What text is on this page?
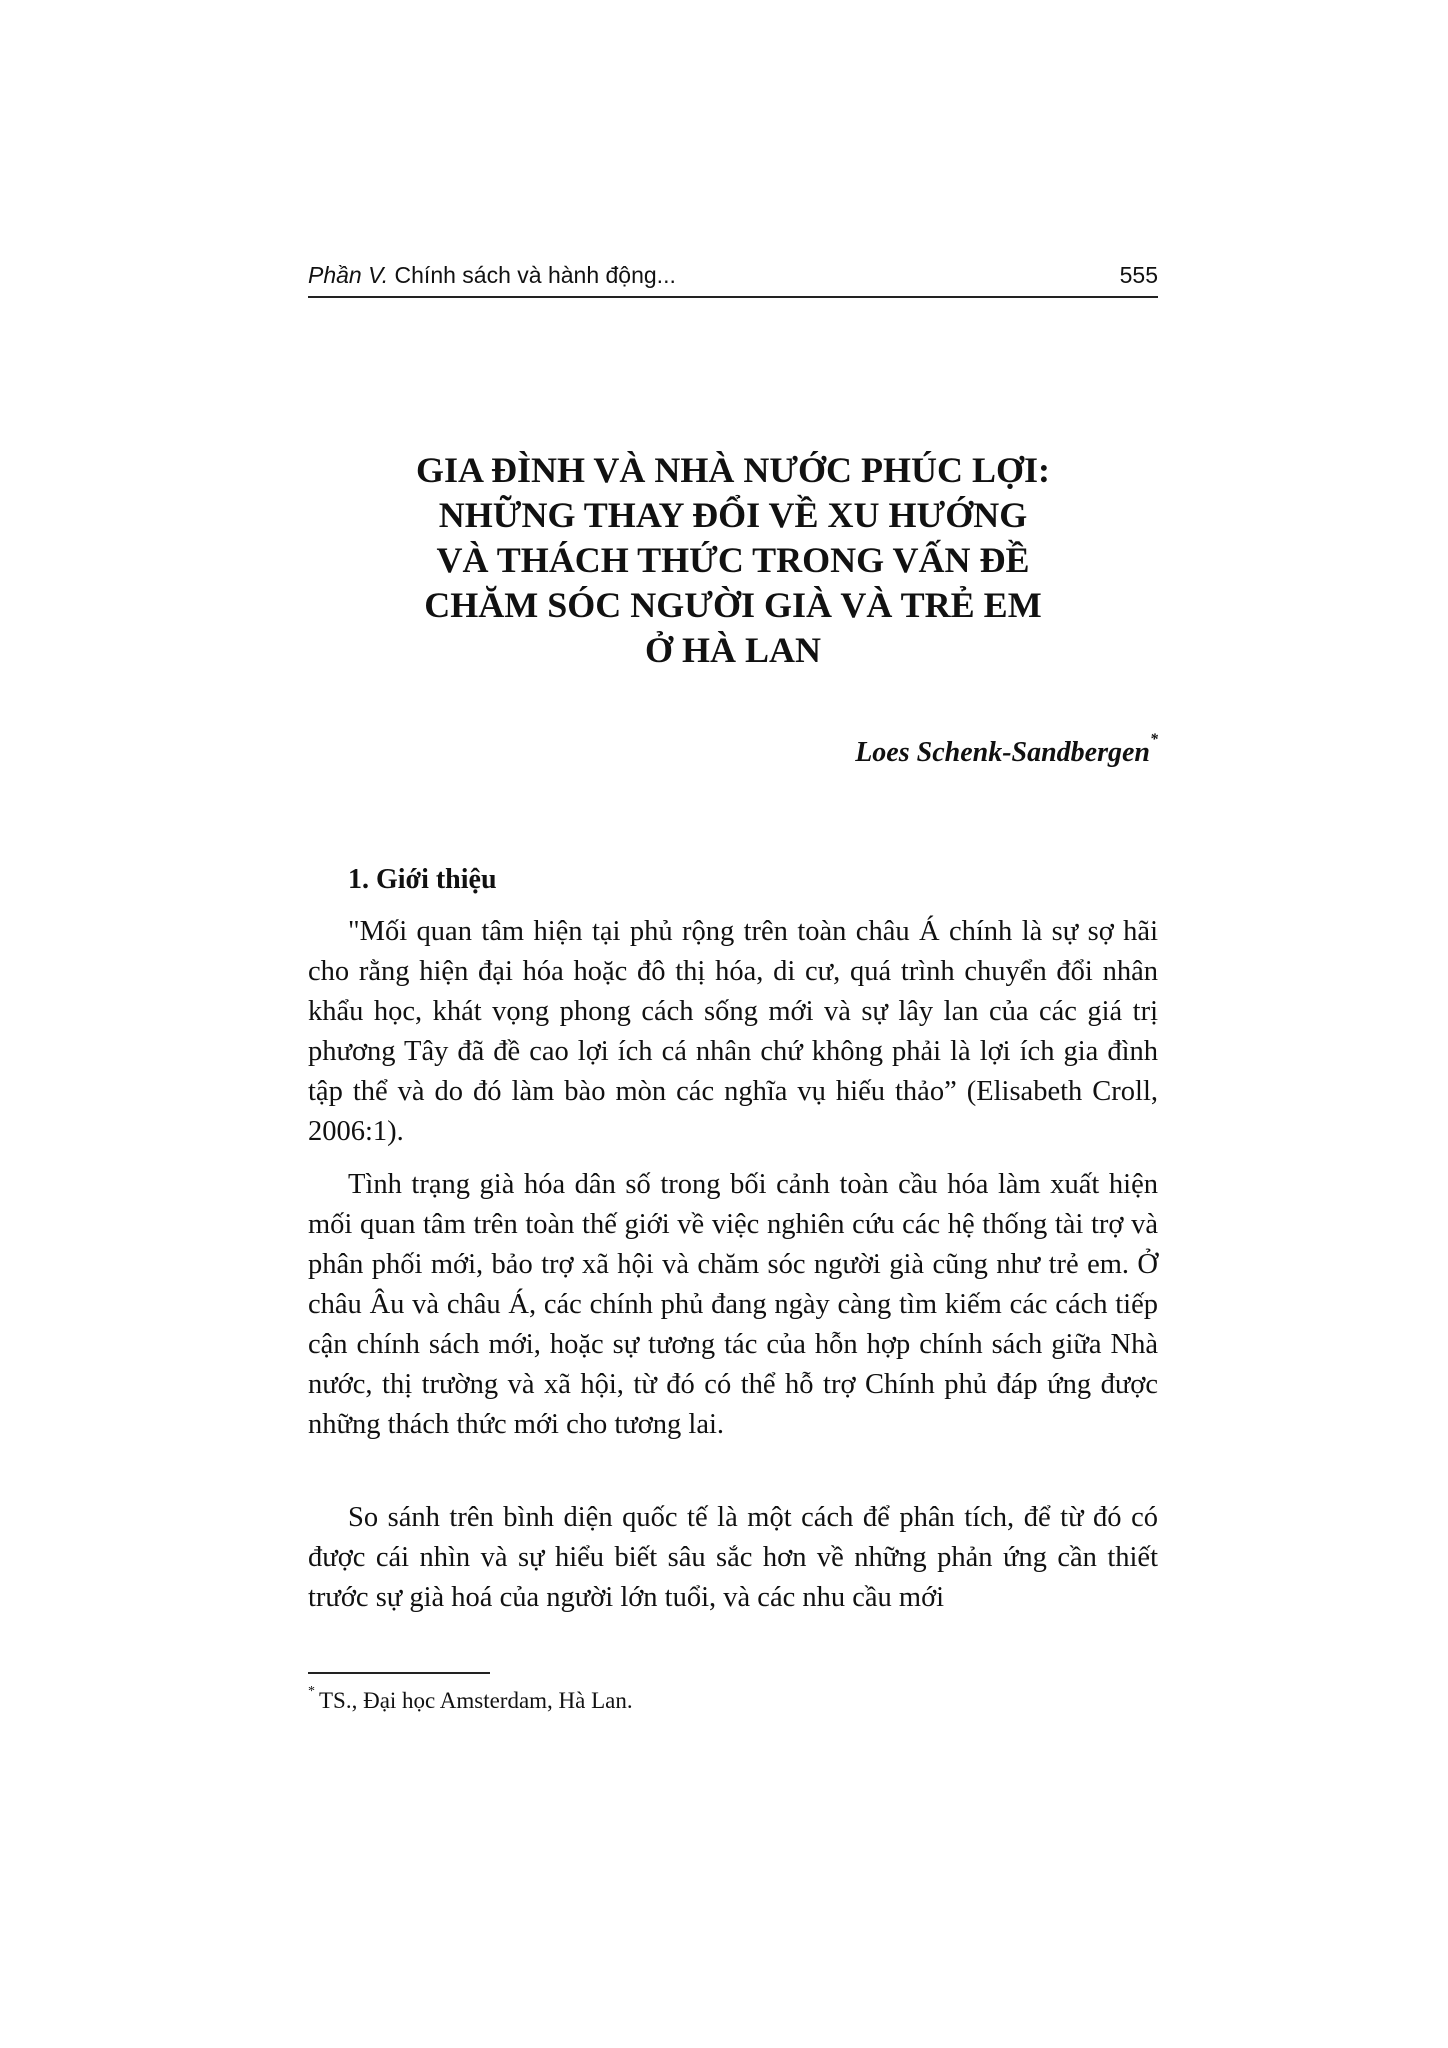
Phần V. Chính sách và hành động...	555
GIA ĐÌNH VÀ NHÀ NƯỚC PHÚC LỢI:
NHỮNG THAY ĐỔI VỀ XU HƯỚNG
VÀ THÁCH THỨC TRONG VẤN ĐỀ
CHĂM SÓC NGƯỜI GIÀ VÀ TRẺ EM
Ở HÀ LAN
Loes Schenk-Sandbergen*
1. Giới thiệu

"Mối quan tâm hiện tại phủ rộng trên toàn châu Á chính là sự sợ hãi cho rằng hiện đại hóa hoặc đô thị hóa, di cư, quá trình chuyển đổi nhân khẩu học, khát vọng phong cách sống mới và sự lây lan của các giá trị phương Tây đã đề cao lợi ích cá nhân chứ không phải là lợi ích gia đình tập thể và do đó làm bào mòn các nghĩa vụ hiếu thảo” (Elisabeth Croll, 2006:1).

Tình trạng già hóa dân số trong bối cảnh toàn cầu hóa làm xuất hiện mối quan tâm trên toàn thế giới về việc nghiên cứu các hệ thống tài trợ và phân phối mới, bảo trợ xã hội và chăm sóc người già cũng như trẻ em. Ở châu Âu và châu Á, các chính phủ đang ngày càng tìm kiếm các cách tiếp cận chính sách mới, hoặc sự tương tác của hỗn hợp chính sách giữa Nhà nước, thị trường và xã hội, từ đó có thể hỗ trợ Chính phủ đáp ứng được những thách thức mới cho tương lai.

So sánh trên bình diện quốc tế là một cách để phân tích, để từ đó có được cái nhìn và sự hiểu biết sâu sắc hơn về những phản ứng cần thiết trước sự già hoá của người lớn tuổi, và các nhu cầu mới

* TS., Đại học Amsterdam, Hà Lan.
